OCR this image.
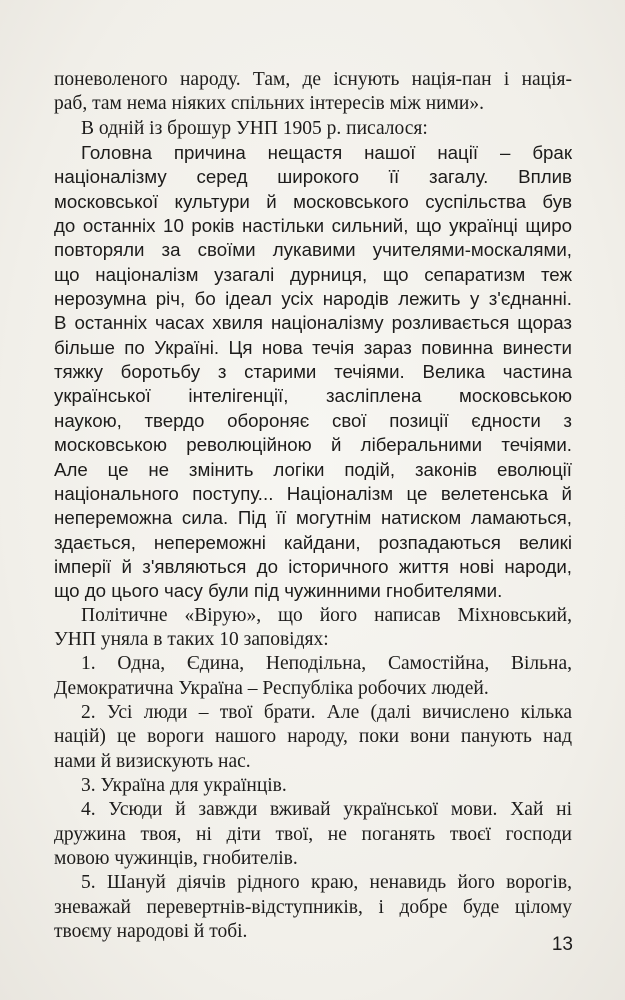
поневоленого народу. Там, де існують нація-пан і нація-
раб, там нема ніяких спільних інтересів між ними».
В одній із брошур УНП 1905 р. писалося:
Головна причина нещастя нашої нації – брак
націоналізму серед широкого її загалу. Вплив
московської культури й московського суспільства був
до останніх 10 років настільки сильний, що українці щиро
повторяли за своїми лукавими учителями-москалями,
що націоналізм узагалі дурниця, що сепаратизм теж
нерозумна річ, бо ідеал усіх народів лежить у з'єднанні.
В останніх часах хвиля націоналізму розливається щораз
більше по Україні. Ця нова течія зараз повинна винести
тяжку боротьбу з старими течіями. Велика частина
української інтелігенції, засліплена московською
наукою, твердо обороняє свої позиції єдности з
московською революційною й ліберальними течіями.
Але це не змінить логіки подій, законів еволюції
національного поступу... Націоналізм це велетенська й
непереможна сила. Під її могутнім натиском ламаються,
здається, непереможні кайдани, розпадаються великі
імперії й з'являються до історичного життя нові народи,
що до цього часу були під чужинними гнобителями.
Політичне «Вірую», що його написав Міхновський,
УНП уняла в таких 10 заповідях:
1. Одна, Єдина, Неподільна, Самостійна, Вільна,
Демократична Україна – Республіка робочих людей.
2. Усі люди – твої брати. Але (далі вичислено кілька
націй) це вороги нашого народу, поки вони панують над
нами й визискують нас.
3. Україна для українців.
4. Усюди й завжди вживай української мови. Хай ні
дружина твоя, ні діти твої, не поганять твоєї господи
мовою чужинців, гнобителів.
5. Шануй діячів рідного краю, ненавидь його ворогів,
зневажай перевертнів-відступників, і добре буде цілому
твоєму народові й тобі.
13
